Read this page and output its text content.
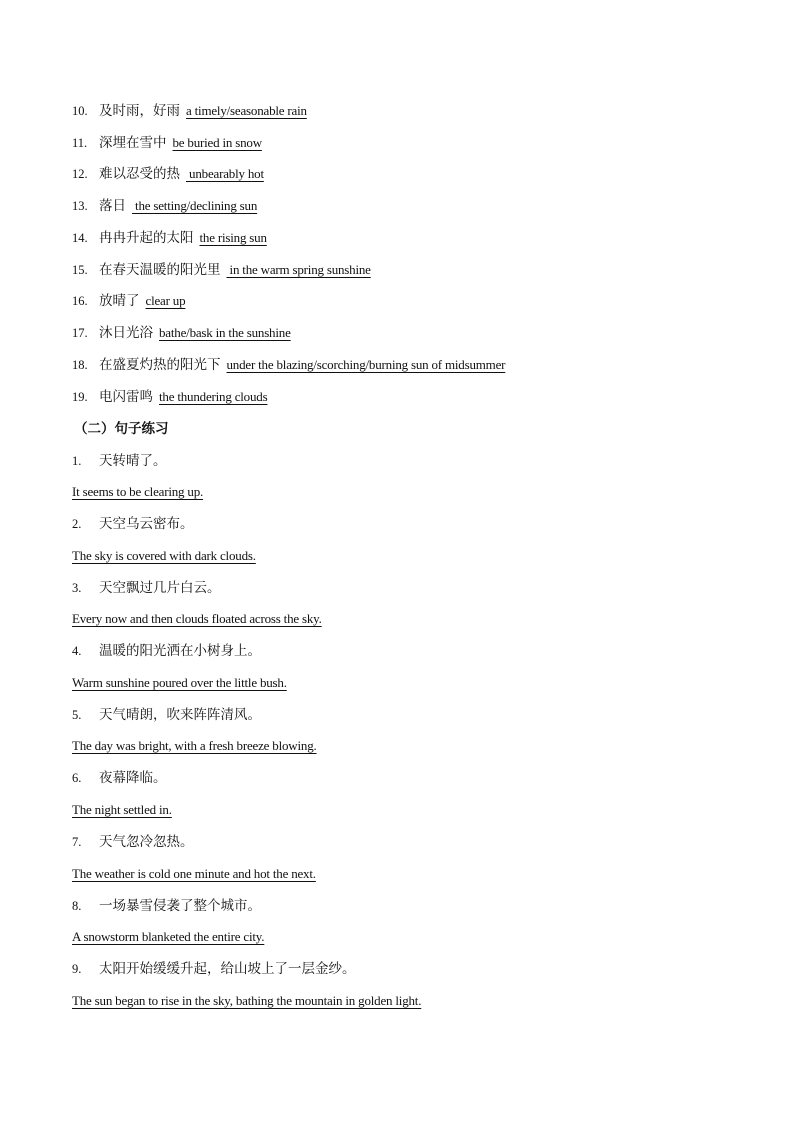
10. 及时雨，好雨 a timely/seasonable rain
11. 深埋在雪中 be buried in snow
12. 难以忍受的热 unbearably hot
13. 落日 the setting/declining sun
14. 冉冉升起的太阳 the rising sun
15. 在春天温暖的阳光里 in the warm spring sunshine
16. 放晴了 clear up
17. 沐日光浴 bathe/bask in the sunshine
18. 在盛夏灼热的阳光下 under the blazing/scorching/burning sun of midsummer
19. 电闪雷鸣 the thundering clouds
（二）句子练习
1. 天转晴了。
It seems to be clearing up.
2. 天空乌云密布。
The sky is covered with dark clouds.
3. 天空飘过几片白云。
Every now and then clouds floated across the sky.
4. 温暖的阳光洒在小树身上。
Warm sunshine poured over the little bush.
5. 天气晴朗，吹来阵阵清风。
The day was bright, with a fresh breeze blowing.
6. 夜幕降临。
The night settled in.
7. 天气忽冷忽热。
The weather is cold one minute and hot the next.
8. 一场暴雪侵袭了整个城市。
A snowstorm blanketed the entire city.
9. 太阳开始缓缓升起，给山坡上了一层金纱。
The sun began to rise in the sky, bathing the mountain in golden light.
